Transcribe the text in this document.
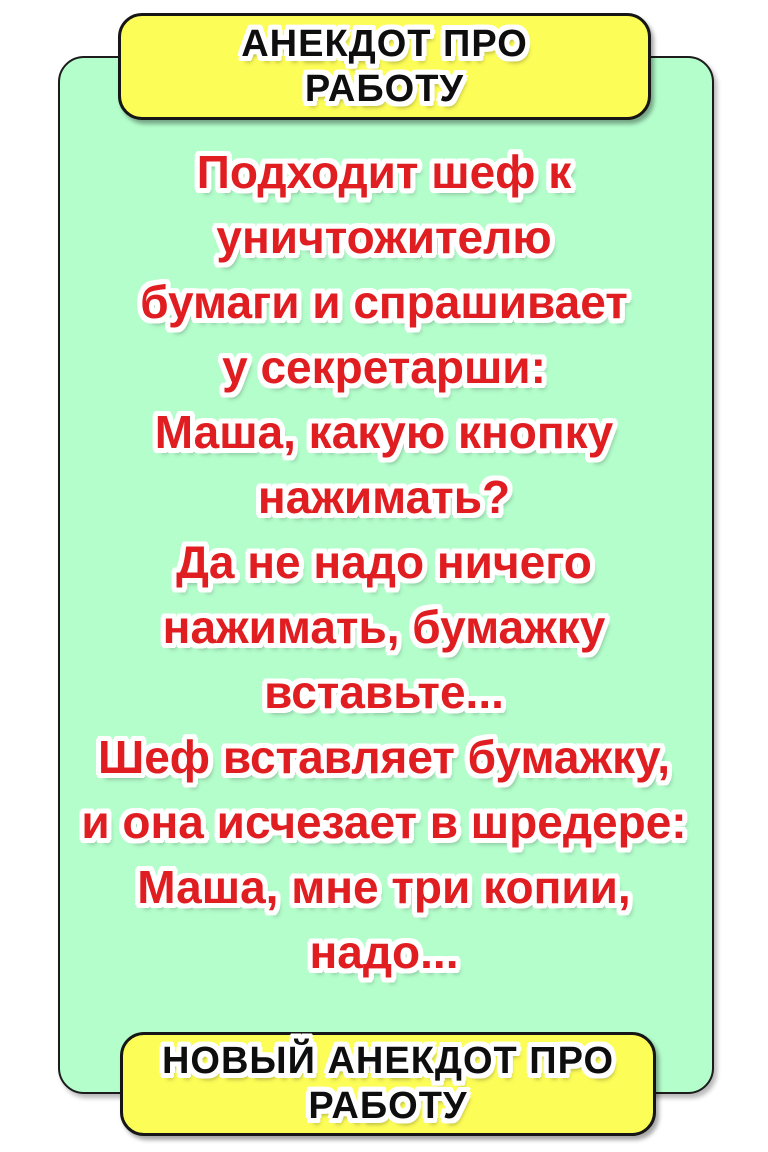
АНЕКДОТ ПРО
РАБОТУ

Подходит шеф к

уничтожителю

бумаги и спрашивает

у секретарши:

Маша, какую кнопку

нажимать?

Да не надо ничего

нажимать, бумажку

вставьте...

Шеф вставляет бумажку,

и она исчезает в шредере:

Маша, мне три копии,

надо...

НОВЫЙ АНЕКДОТ ПРО
РАБОТУ
